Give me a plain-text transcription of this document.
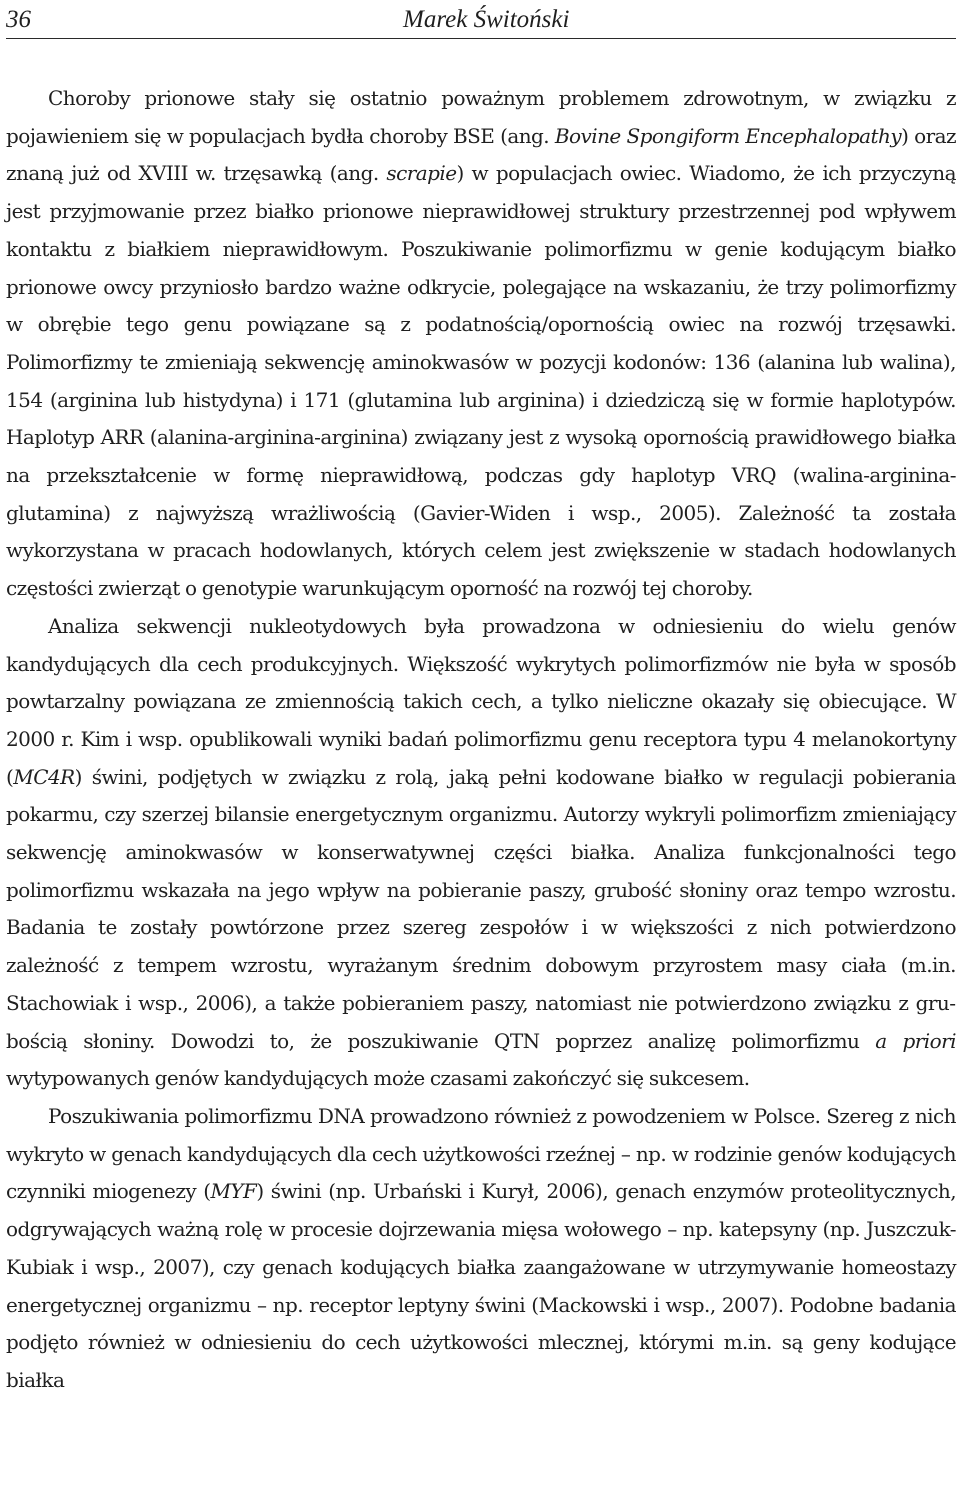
36	Marek Świtoński

Choroby prionowe stały się ostatnio poważnym problemem zdrowotnym, w związku z pojawieniem się w populacjach bydła choroby BSE (ang. Bovine Spongiform Encephalopathy) oraz znaną już od XVIII w. trzęsawką (ang. scrapie) w populacjach owiec. Wiadomo, że ich przyczyną jest przyjmowanie przez białko prionowe nieprawidłowej struktury przestrzennej pod wpływem kontaktu z białkiem nieprawidłowym. Poszukiwanie polimorfizmu w genie kodującym białko prionowe owcy przyniosło bardzo ważne odkrycie, polegające na wskazaniu, że trzy polimorfizmy w obrębie tego genu powiązane są z podatnością/opornością owiec na rozwój trzęsawki. Polimorfizmy te zmieniają sekwencję aminokwasów w pozycji kodonów: 136 (alanina lub walina), 154 (arginina lub histydyna) i 171 (glutamina lub arginina) i dziedziczą się w formie haplotypów. Haplotyp ARR (alanina-arginina-arginina) związany jest z wysoką opornością prawidłowego białka na przekształcenie w formę nieprawidłową, podczas gdy haplotyp VRQ (walina-arginina-​glutamina) z najwyższą wrażliwością (Gavier-Widen i wsp., 2005). Zależność ta została wykorzystana w pracach hodowlanych, których celem jest zwiększenie w stadach hodowlanych częstości zwierząt o genotypie warunkującym oporność na rozwój tej choroby.

Analiza sekwencji nukleotydowych była prowadzona w odniesieniu do wielu genów kandydujących dla cech produkcyjnych. Większość wykrytych polimorfizmów nie była w sposób powtarzalny powiązana ze zmiennością takich cech, a tylko nieliczne okazały się obiecujące. W 2000 r. Kim i wsp. opublikowali wyniki badań polimorfizmu genu receptora typu 4 melanokortyny (MC4R) świni, podjętych w związku z rolą, jaką pełni kodowane białko w regulacji pobierania pokarmu, czy szerzej bilansie energetycznym organizmu. Autorzy wykryli polimorfizm zmieniający sekwencję aminokwasów w konserwatywnej części białka. Analiza funkcjonalności tego polimorfizmu wskazała na jego wpływ na pobieranie paszy, grubość słoniny oraz tempo wzrostu. Badania te zostały powtórzone przez szereg zespołów i w większości z nich potwierdzono zależność z tempem wzrostu, wyrażanym średnim dobowym przyrostem masy ciała (m.in. Stachowiak i wsp., 2006), a także pobieraniem paszy, natomiast nie potwierdzono związku z grubością słoniny. Dowodzi to, że poszukiwanie QTN poprzez analizę polimorfizmu a priori wytypowanych genów kandydujących może czasami zakończyć się sukcesem.

Poszukiwania polimorfizmu DNA prowadzono również z powodzeniem w Polsce. Szereg z nich wykryto w genach kandydujących dla cech użytkowości rzeźnej – np. w rodzinie genów kodujących czynniki miogenezy (MYF) świni (np. Urbański i Kurył, 2006), genach enzymów proteolitycznych, odgrywających ważną rolę w procesie dojrzewania mięsa wołowego – np. katepsyny (np. Juszczuk-Kubiak i wsp., 2007), czy genach kodujących białka zaangażowane w utrzymywanie homeostazy energetycznej organizmu – np. receptor leptyny świni (Mackowski i wsp., 2007). Podobne badania podjęto również w odniesieniu do cech użytkowości mlecznej, którymi m.in. są geny kodujące białka
